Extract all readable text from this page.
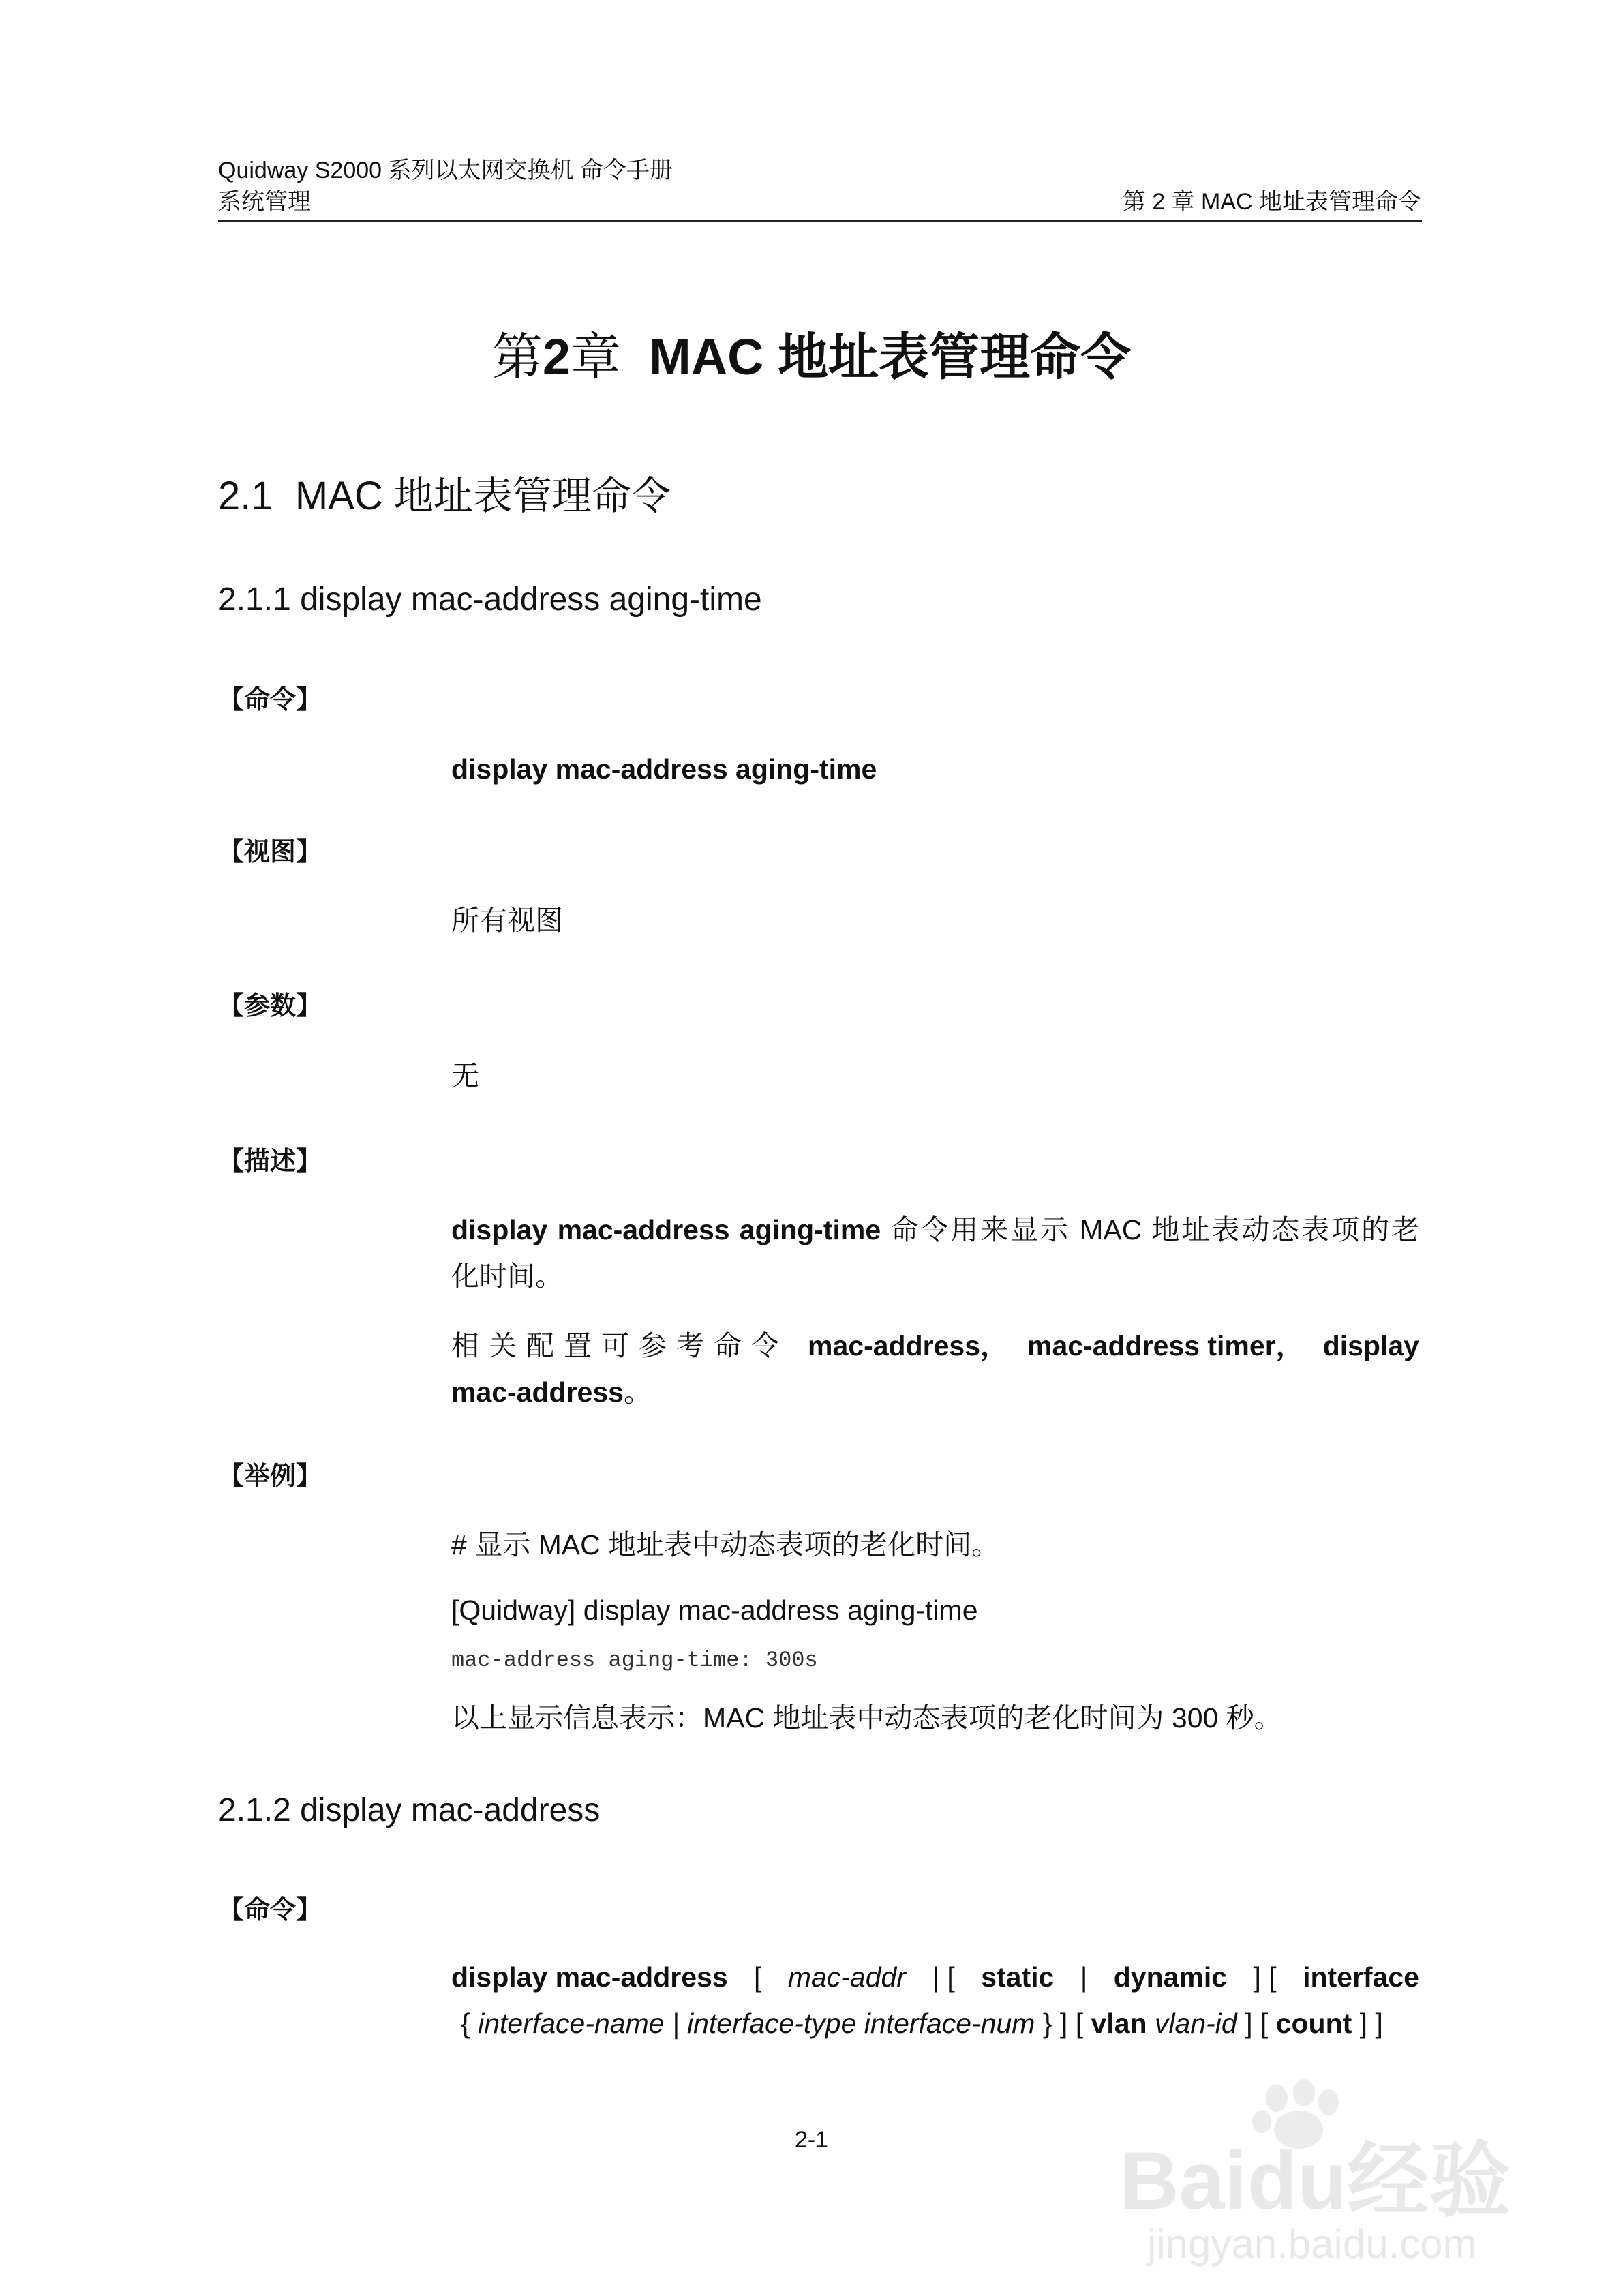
Quidway S2000 系列以太网交换机 命令手册
系统管理	第 2 章 MAC 地址表管理命令
第2章 MAC 地址表管理命令
2.1 MAC 地址表管理命令
2.1.1 display mac-address aging-time
【命令】
display mac-address aging-time
【视图】
所有视图
【参数】
无
【描述】
display mac-address aging-time 命令用来显示 MAC 地址表动态表项的老
化时间。
相关配置可参考命令 mac-address， mac-address timer， display
mac-address。
【举例】
# 显示 MAC 地址表中动态表项的老化时间。
[Quidway] display mac-address aging-time
mac-address aging-time: 300s
以上显示信息表示：MAC 地址表中动态表项的老化时间为 300 秒。
2.1.2 display mac-address
【命令】
display mac-address [ mac-addr | [ static | dynamic ] [ interface
{ interface-name | interface-type interface-num } ] [ vlan vlan-id ] [ count ] ]
2-1	Baidu经验
jingyan.baidu.com
